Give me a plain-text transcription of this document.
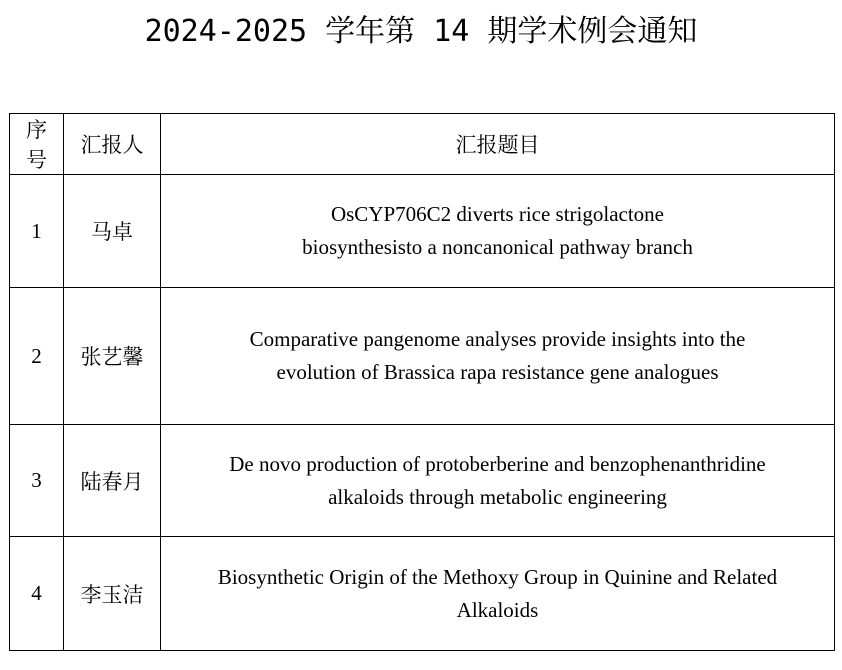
2024-2025 学年第 14 期学术例会通知
序号	汇报人	汇报题目
1	马卓	OsCYP706C2 diverts rice strigolactone
biosynthesisto a noncanonical pathway branch

2	张艺馨	Comparative pangenome analyses provide insights into the
evolution of Brassica rapa resistance gene analogues

3	陆春月	De novo production of protoberberine and benzophenanthridine
alkaloids through metabolic engineering

4	李玉洁	Biosynthetic Origin of the Methoxy Group in Quinine and Related
Alkaloids
